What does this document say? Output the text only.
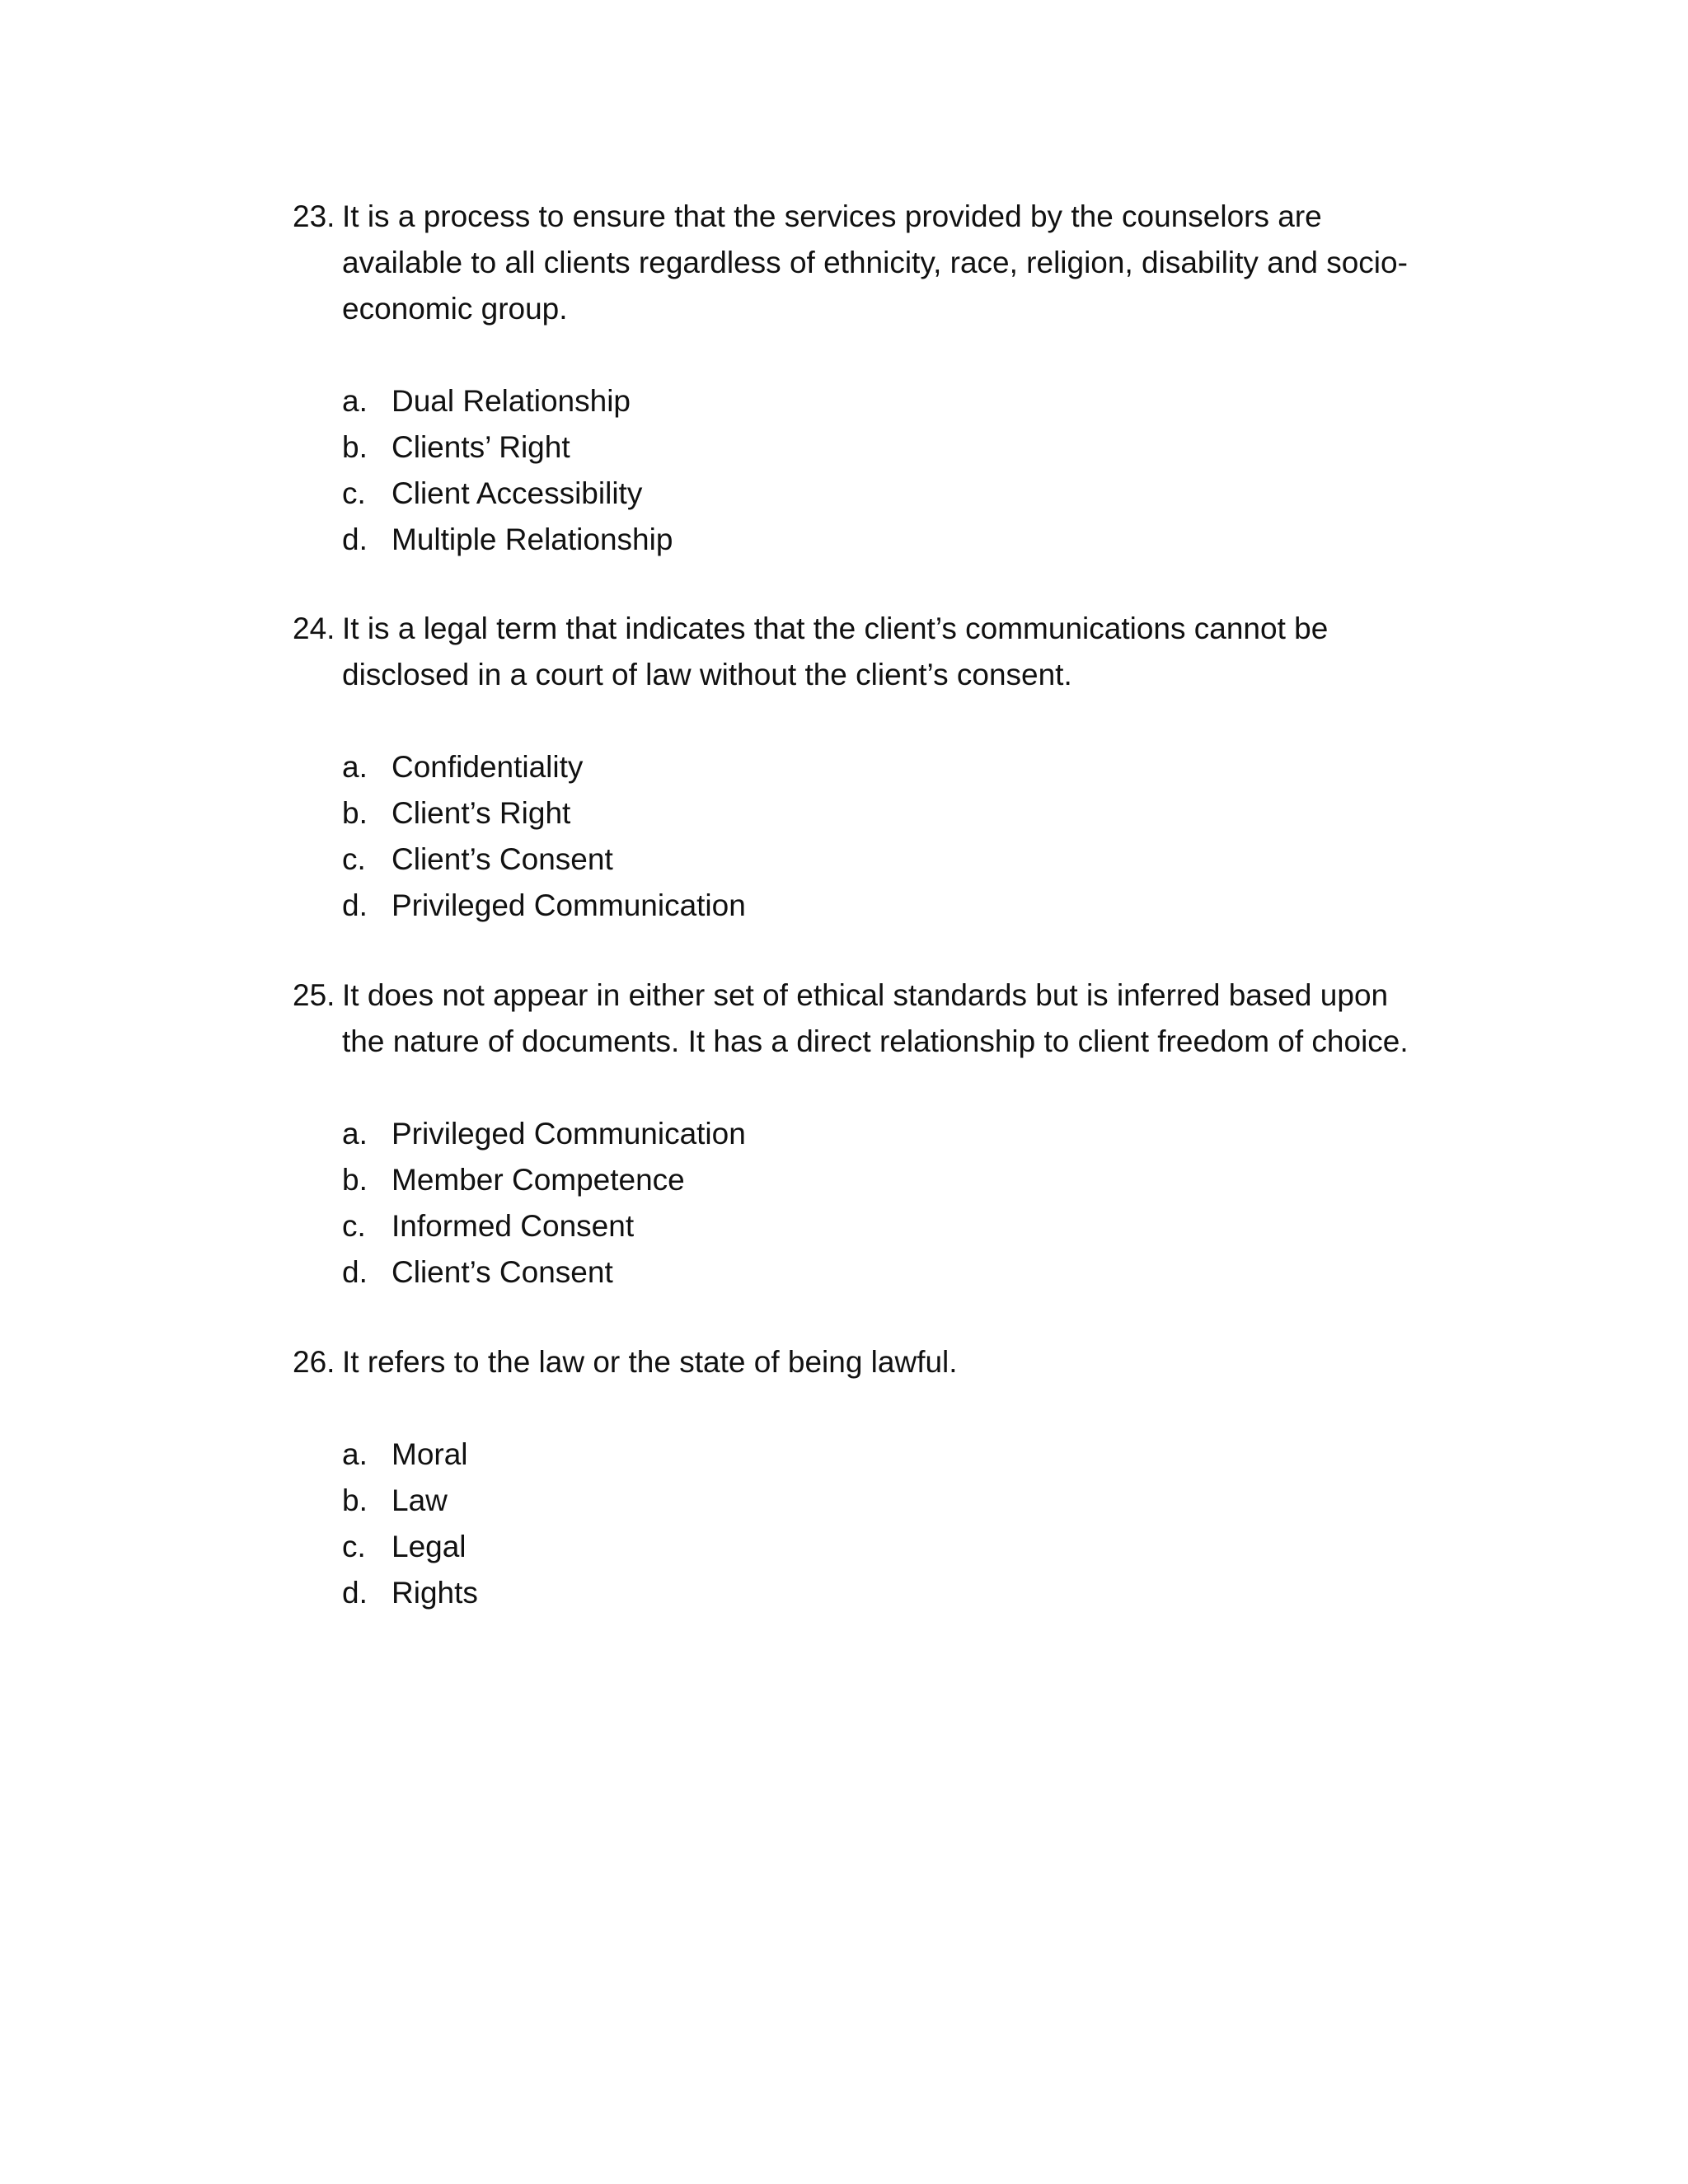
23. It is a process to ensure that the services provided by the counselors are
available to all clients regardless of ethnicity, race, religion, disability and socio-
economic group.
a. Dual Relationship
b. Clients’ Right
c. Client Accessibility
d. Multiple Relationship
24. It is a legal term that indicates that the client’s communications cannot be
disclosed in a court of law without the client’s consent.
a. Confidentiality
b. Client’s Right
c. Client’s Consent
d. Privileged Communication
25. It does not appear in either set of ethical standards but is inferred based upon
the nature of documents. It has a direct relationship to client freedom of choice.
a. Privileged Communication
b. Member Competence
c. Informed Consent
d. Client’s Consent
26. It refers to the law or the state of being lawful.
a. Moral
b. Law
c. Legal
d. Rights
